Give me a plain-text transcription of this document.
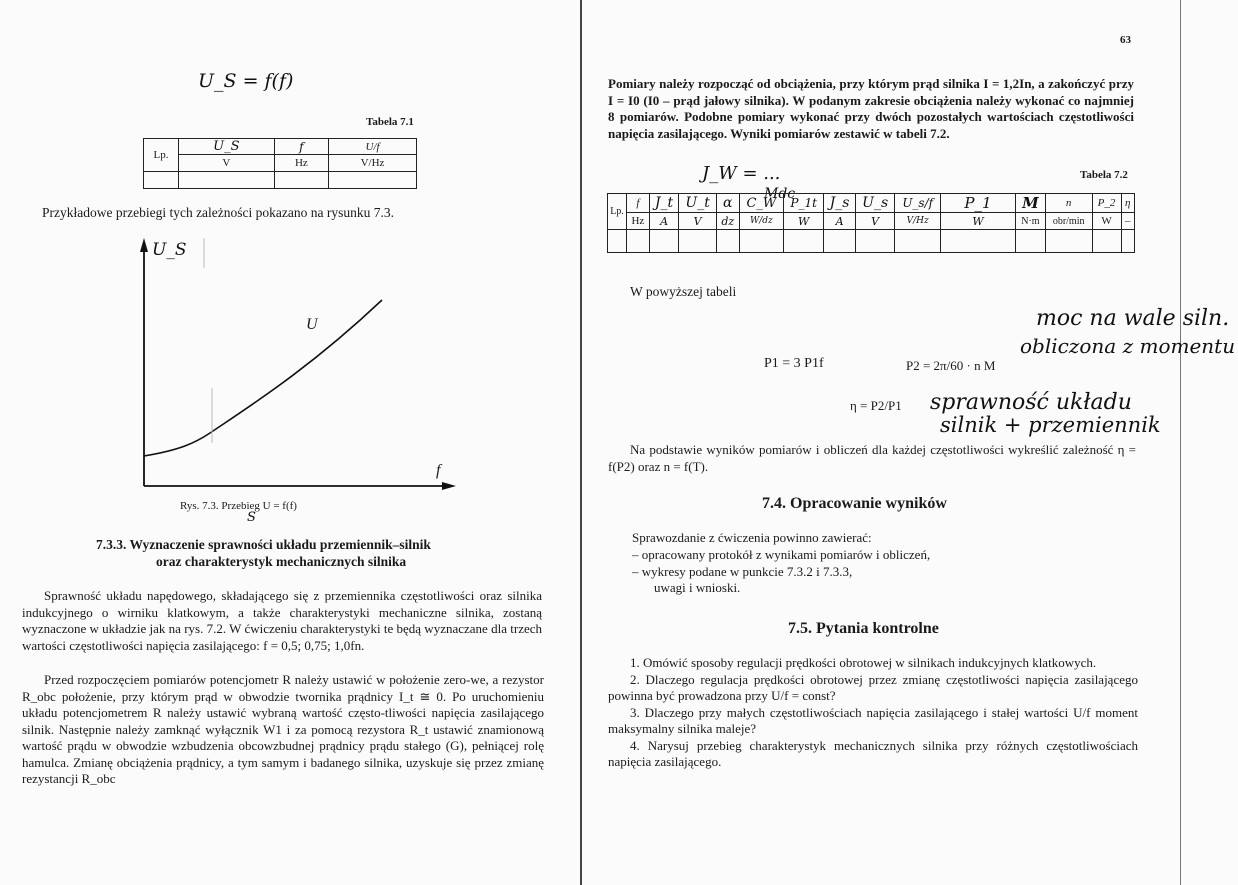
U_S = f(f)
Tabela 7.1
Lp.	U_S	f	U/f
	V	Hz	V/Hz

Przykładowe przebiegi tych zależności pokazano na rysunku 7.3.
U_S
U
f
Rys. 7.3. Przebieg U = f(f)
S
7.3.3. Wyznaczenie sprawności układu przemiennik–silnik
oraz charakterystyk mechanicznych silnika
Sprawność układu napędowego, składającego się z przemiennika częstotliwości oraz silnika indukcyjnego o wirniku klatkowym, a także charakterystyki mechaniczne silnika, zostaną wyznaczone w układzie jak na rys. 7.2. W ćwiczeniu charakterystyki te będą wyznaczane dla trzech wartości częstotliwości napięcia zasilającego: f = 0,5; 0,75; 1,0fn.
Przed rozpoczęciem pomiarów potencjometr R należy ustawić w położenie zero-we, a rezystor R_obc położenie, przy którym prąd w obwodzie twornika prądnicy I_t ≅ 0. Po uruchomieniu układu potencjometrem R należy ustawić wybraną wartość często-tliwości napięcia zasilającego silnik. Następnie należy zamknąć wyłącznik W1 i za pomocą rezystora R_t ustawić znamionową wartość prądu w obwodzie wzbudzenia obcowzbudnej prądnicy prądu stałego (G), pełniącej rolę hamulca. Zmianę obciążenia prądnicy, a tym samym i badanego silnika, uzyskuje się przez zmianę rezystancji R_obc
63
Pomiary należy rozpocząć od obciążenia, przy którym prąd silnika I = 1,2In, a zakończyć przy I = I0 (I0 – prąd jałowy silnika). W podanym zakresie obciążenia należy wykonać co najmniej 8 pomiarów. Podobne pomiary wykonać przy dwóch pozostałych wartościach częstotliwości napięcia zasilającego. Wyniki pomiarów zestawić w tabeli 7.2.
J_W = ...
Mdc
Tabela 7.2
Lp.	f	J_t	U_t	α	C_W	P_1t	J_s	U_s	U_s/f	P_1	M	n	P_2	η
	Hz	A	V	dz	W/dz	W	A	V	V/Hz	W	N·m	obr/min	W	–

W powyższej tabeli
P1 = 3 P1f	P2 = 2π/60 · n M
η = P2/P1
moc na wale siln.
obliczona z momentu
sprawność układu
silnik + przemiennik
Na podstawie wyników pomiarów i obliczeń dla każdej częstotliwości wykreślić zależność η = f(P2) oraz n = f(T).
7.4. Opracowanie wyników
Sprawozdanie z ćwiczenia powinno zawierać:
– opracowany protokół z wynikami pomiarów i obliczeń,
– wykresy podane w punkcie 7.3.2 i 7.3.3,
uwagi i wnioski.
7.5. Pytania kontrolne
1. Omówić sposoby regulacji prędkości obrotowej w silnikach indukcyjnych klatkowych.
2. Dlaczego regulacja prędkości obrotowej przez zmianę częstotliwości napięcia zasilającego powinna być prowadzona przy U/f = const?
3. Dlaczego przy małych częstotliwościach napięcia zasilającego i stałej wartości U/f moment maksymalny silnika maleje?
4. Narysuj przebieg charakterystyk mechanicznych silnika przy różnych częstotliwościach napięcia zasilającego.
